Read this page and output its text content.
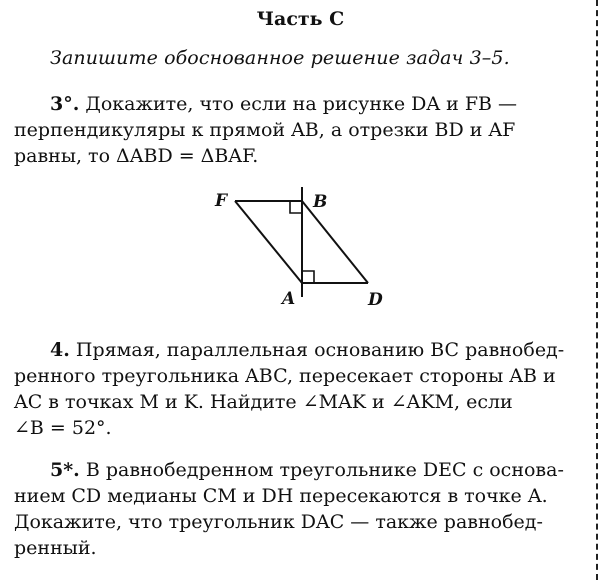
Часть С
Запишите обоснованное решение задач 3–5.
3°. Докажите, что если на рисунке DA и FB —
перпендикуляры к прямой AB, а отрезки BD и AF
равны, то ΔABD = ΔBAF.
F	B
A	D
4. Прямая, параллельная основанию BC равнобед-
ренного треугольника ABC, пересекает стороны AB и
AC в точках M и K. Найдите ∠MAK и ∠AKM, если
∠B = 52°.
5*. В равнобедренном треугольнике DEC с основа-
нием CD медианы CM и DH пересекаются в точке A.
Докажите, что треугольник DAC — также равнобед-
ренный.
